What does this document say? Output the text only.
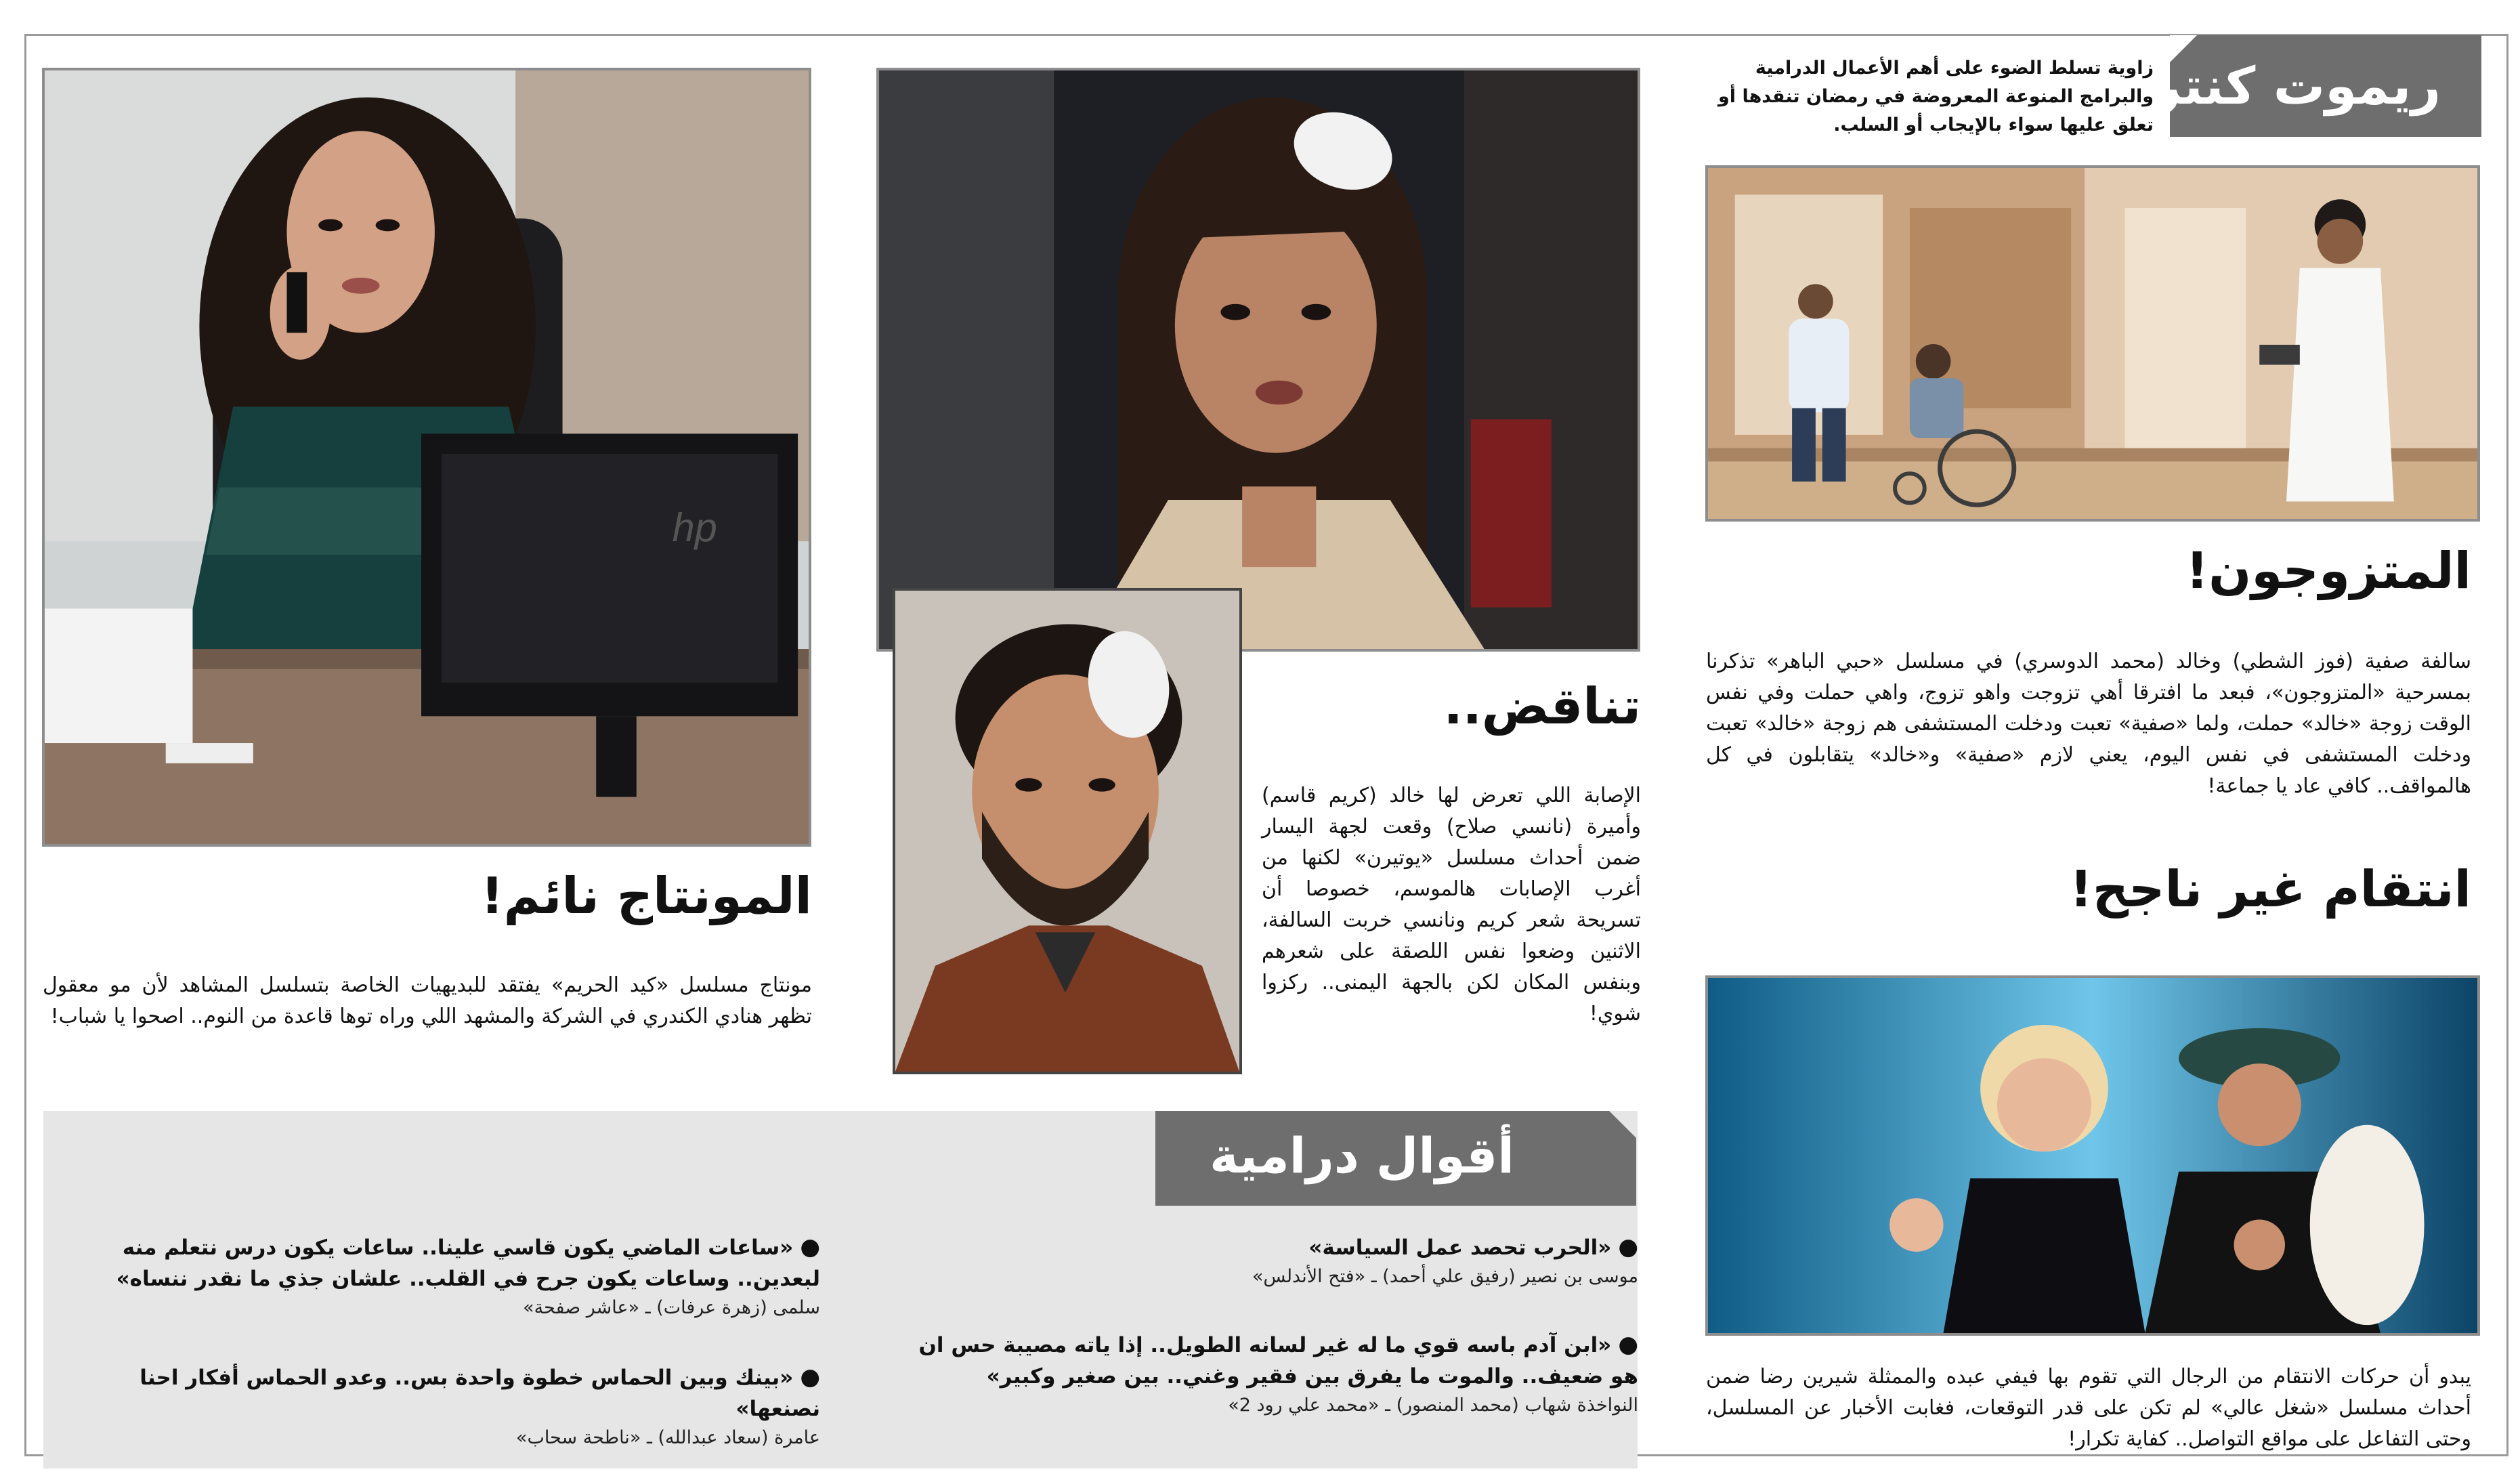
ريموت كنترول
زاوية تسلط الضوء على أهم الأعمال الدرامية والبرامج المنوعة المعروضة في رمضان تنقدها أو تعلق عليها سواء بالإيجاب أو السلب.
المتزوجون!
سالفة صفية (فوز الشطي) وخالد (محمد الدوسري) في مسلسل «حبي الباهر» تذكرنا بمسرحية «المتزوجون»، فبعد ما افترقا أهي تزوجت واهو تزوج، واهي حملت وفي نفس الوقت زوجة «خالد» حملت، ولما «صفية» تعبت ودخلت المستشفى هم زوجة «خالد» تعبت ودخلت المستشفى في نفس اليوم، يعني لازم «صفية» و«خالد» يتقابلون في كل هالمواقف.. كافي عاد يا جماعة!
انتقام غير ناجح!
يبدو أن حركات الانتقام من الرجال التي تقوم بها فيفي عبده والممثلة شيرين رضا ضمن أحداث مسلسل «شغل عالي» لم تكن على قدر التوقعات، فغابت الأخبار عن المسلسل، وحتى التفاعل على مواقع التواصل.. كفاية تكرار!
تناقض..
الإصابة اللي تعرض لها خالد (كريم قاسم) وأميرة (نانسي صلاح) وقعت لجهة اليسار ضمن أحداث مسلسل «يوتيرن» لكنها من أغرب الإصابات هالموسم، خصوصا أن تسريحة شعر كريم ونانسي خربت السالفة، الاثنين وضعوا نفس اللصقة على شعرهم وبنفس المكان لكن بالجهة اليمنى.. ركزوا شوي!
hp
المونتاج نائم!
مونتاج مسلسل «كيد الحريم» يفتقد للبديهيات الخاصة بتسلسل المشاهد لأن مو معقول تظهر هنادي الكندري في الشركة والمشهد اللي وراه توها قاعدة من النوم.. اصحوا يا شباب!
أقوال درامية
●«الحرب تحصد عمل السياسة»
موسى بن نصير (رفيق علي أحمد) ـ «فتح الأندلس»
●«ساعات الماضي يكون قاسي علينا.. ساعات يكون درس نتعلم منه لبعدين.. وساعات يكون جرح في القلب.. علشان جذي ما نقدر ننساه»
سلمى (زهرة عرفات) ـ «عاشر صفحة»
●«ابن آدم باسه قوي ما له غير لسانه الطويل.. إذا ياته مصيبة حس ان هو ضعيف.. والموت ما يفرق بين فقير وغني.. بين صغير وكبير»
النواخذة شهاب (محمد المنصور) ـ «محمد علي رود 2»
●«بينك وبين الحماس خطوة واحدة بس.. وعدو الحماس أفكار احنا نصنعها»
عامرة (سعاد عبدالله) ـ «ناطحة سحاب»
